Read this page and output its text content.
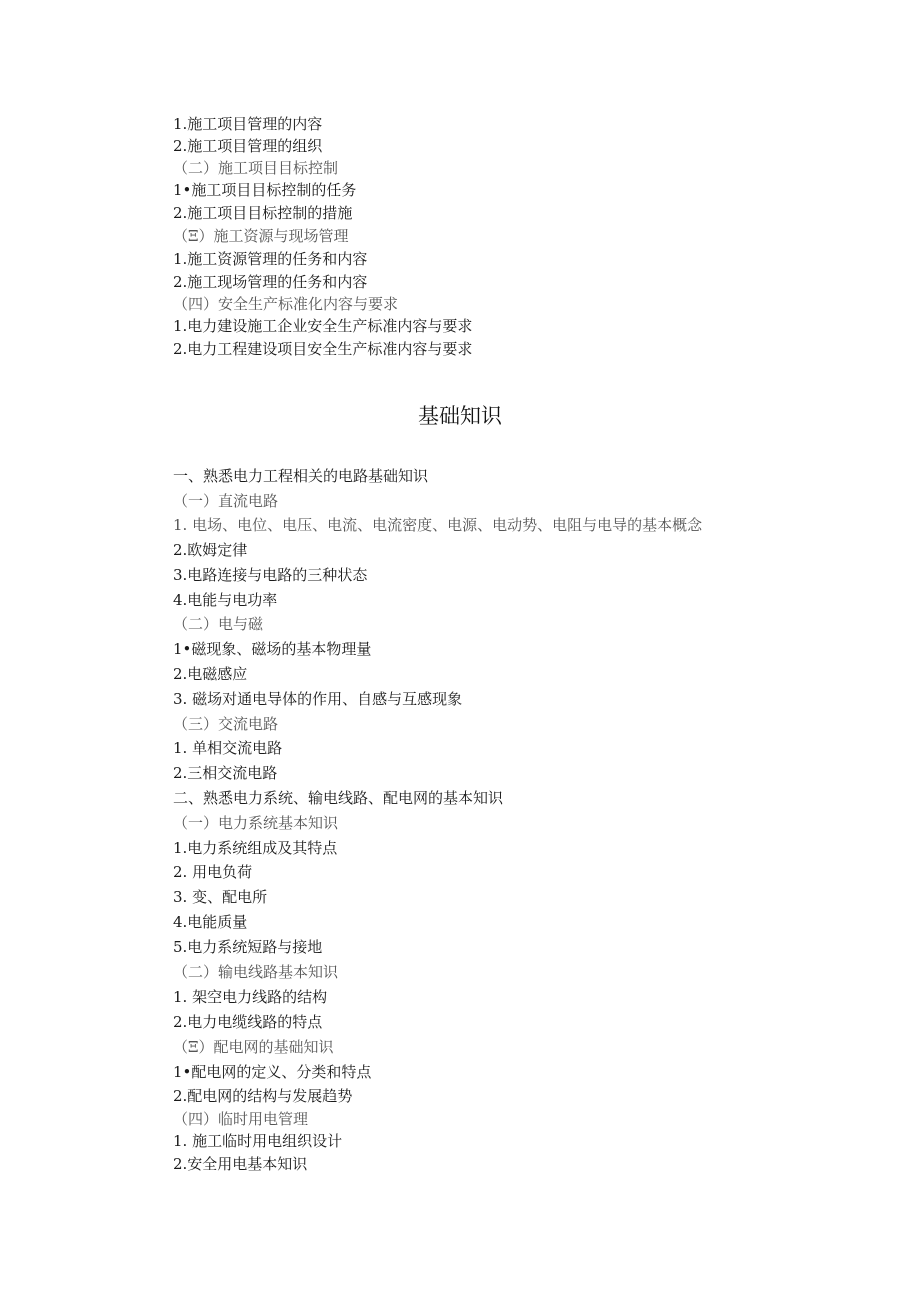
1.施工项目管理的内容
2.施工项目管理的组织
（二）施工项目目标控制
1•施工项目目标控制的任务
2.施工项目目标控制的措施
（Ξ）施工资源与现场管理
1.施工资源管理的任务和内容
2.施工现场管理的任务和内容
（四）安全生产标准化内容与要求
1.电力建设施工企业安全生产标准内容与要求
2.电力工程建设项目安全生产标准内容与要求
基础知识
一、熟悉电力工程相关的电路基础知识
（一）直流电路
1. 电场、电位、电压、电流、电流密度、电源、电动势、电阻与电导的基本概念
2.欧姆定律
3.电路连接与电路的三种状态
4.电能与电功率
（二）电与磁
1•磁现象、磁场的基本物理量
2.电磁感应
3. 磁场对通电导体的作用、自感与互感现象
（三）交流电路
1. 单相交流电路
2.三相交流电路
二、熟悉电力系统、输电线路、配电网的基本知识
（一）电力系统基本知识
1.电力系统组成及其特点
2. 用电负荷
3. 变、配电所
4.电能质量
5.电力系统短路与接地
（二）输电线路基本知识
1. 架空电力线路的结构
2.电力电缆线路的特点
（Ξ）配电网的基础知识
1•配电网的定义、分类和特点
2.配电网的结构与发展趋势
（四）临时用电管理
1. 施工临时用电组织设计
2.安全用电基本知识
